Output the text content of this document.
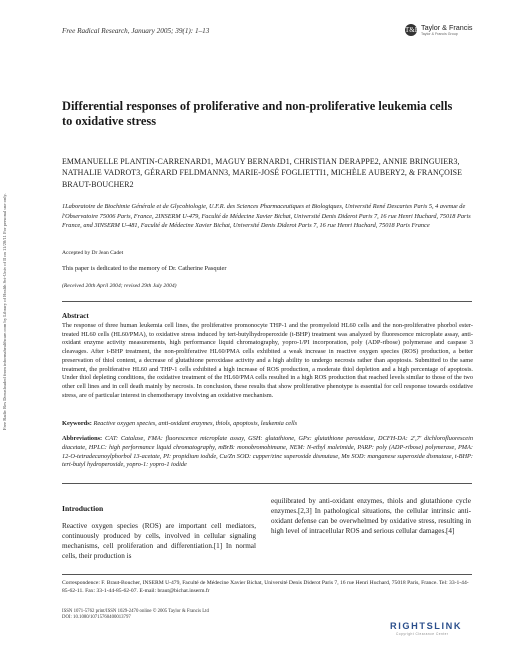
Free Radical Research, January 2005; 39(1): 1–13	T&F Taylor & Francis
Taylor & Francis Group
Free Radic Res Downloaded from informahealthcare.com by Library of Health Sci-Univ of Il on 11/28/11 For personal use only.
Differential responses of proliferative and non-proliferative leukemia cells to oxidative stress
EMMANUELLE PLANTIN-CARRENARD1, MAGUY BERNARD1, CHRISTIAN DERAPPE2, ANNIE BRINGUIER3, NATHALIE VADROT3, GÉRARD FELDMANN3, MARIE-JOSÉ FOGLIETTI1, MICHÈLE AUBERY2, & FRANÇOISE BRAUT-BOUCHER2
1Laboratoire de Biochimie Générale et de Glycobiologie, U.F.R. des Sciences Pharmaceutiques et Biologiques, Université René Descartes Paris 5, 4 avenue de l'Observatoire 75006 Paris, France, 2INSERM U-479, Faculté de Médecine Xavier Bichat, Université Denis Diderot Paris 7, 16 rue Henri Huchard, 75018 Paris France, and 3INSERM U-481, Faculté de Médecine Xavier Bichat, Université Denis Diderot Paris 7, 16 rue Henri Huchard, 75018 Paris France
Accepted by Dr Jean Cadet
This paper is dedicated to the memory of Dr. Catherine Pasquier
(Received 20th April 2004; revised 29th July 2004)
Abstract
The response of three human leukemia cell lines, the proliferative promonocyte THP-1 and the promyeloid HL60 cells and the non-proliferative phorbol ester-treated HL60 cells (HL60/PMA), to oxidative stress induced by tert-butylhydroperoxide (t-BHP) treatment was analyzed by fluorescence microplate assay, anti-oxidant enzyme activity measurements, high performance liquid chromatography, yopro-1/PI incorporation, poly (ADP-ribose) polymerase and caspase 3 cleavages. After t-BHP treatment, the non-proliferative HL60/PMA cells exhibited a weak increase in reactive oxygen species (ROS) production, a better preservation of thiol content, a decrease of glutathione peroxidase activity and a high ability to undergo necrosis rather than apoptosis. Submitted to the same treatment, the proliferative HL60 and THP-1 cells exhibited a high increase of ROS production, a moderate thiol depletion and a high percentage of apoptosis. Under thiol depleting conditions, the oxidative treatment of the HL60/PMA cells resulted in a high ROS production that reached levels similar to those of the two other cell lines and in cell death mainly by necrosis. In conclusion, these results that show proliferative phenotype is essential for cell response towards oxidative stress, are of particular interest in chemotherapy involving an oxidative mechanism.
Keywords: Reactive oxygen species, anti-oxidant enzymes, thiols, apoptosis, leukemia cells
Abbreviations: CAT: Catalase, FMA: fluorescence microplate assay, GSH: glutathione, GPx: glutathione peroxidase, DCFH-DA: 2′,7′ dichlorofluorescein diacetate, HPLC: high performance liquid chromatography, mBrB: monobromobimane, NEM: N-ethyl maleimide, PARP: poly (ADP-ribose) polymerase, PMA: 12-O-tetradecanoylphorbol 13-acetate, PI: propidium iodide, Cu/Zn SOD: cupper/zinc superoxide dismutase, Mn SOD: manganese superoxide dismutase, t-BHP: tert-butyl hydroperoxide, yopro-1: yopro-1 iodide
Introduction
Reactive oxygen species (ROS) are important cell mediators, continuously produced by cells, involved in cellular signaling mechanisms, cell proliferation and differentiation.[1] In normal cells, their production is
equilibrated by anti-oxidant enzymes, thiols and glutathione cycle enzymes.[2,3] In pathological situations, the cellular intrinsic anti-oxidant defense can be overwhelmed by oxidative stress, resulting in high level of intracellular ROS and serious cellular damages.[4]
Correspondence: F. Braut-Boucher, INSERM U-479, Faculté de Médecine Xavier Bichat, Université Denis Diderot Paris 7, 16 rue Henri Huchard, 75018 Paris, France. Tel: 33-1-44-85-62-11. Fax: 33-1-44-85-62-07. E-mail: braut@bichat.inserm.fr
ISSN 1071-5762 print/ISSN 1029-2470 online © 2005 Taylor & Francis Ltd
DOI: 10.1080/10715760400013797
RIGHTSLINK
Copyright Clearance Center
